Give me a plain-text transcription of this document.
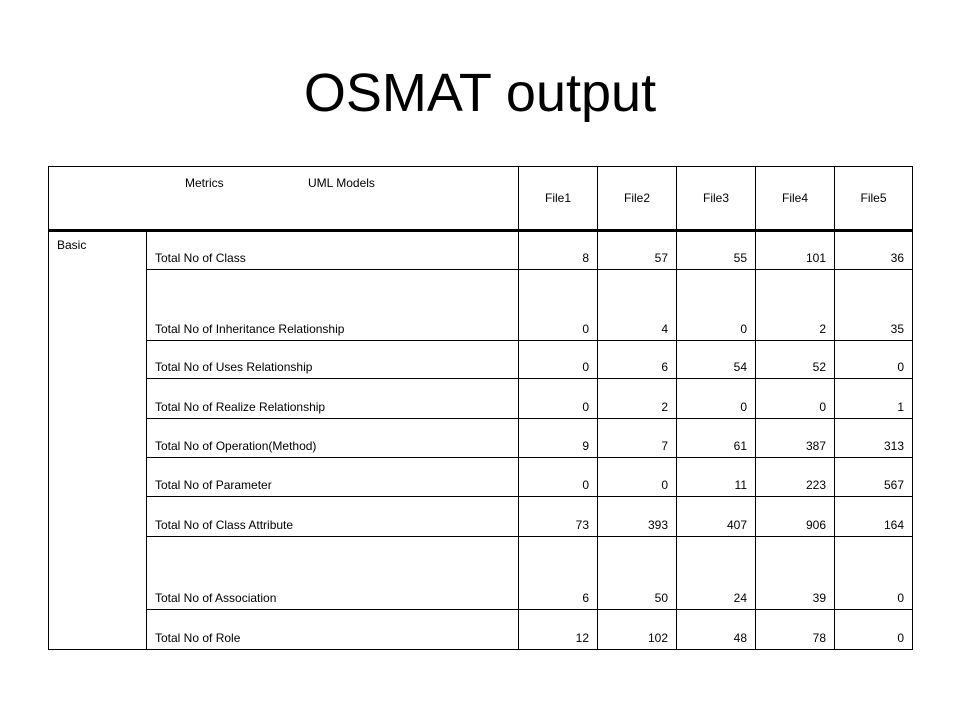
OSMAT output
Metrics UML Models		File1	File2	File3	File4	File5
Basic	Total No of Class	8	57	55	101	36
	Total No of Inheritance Relationship	0	4	0	2	35
	Total No of Uses Relationship	0	6	54	52	0
	Total No of Realize Relationship	0	2	0	0	1
	Total No of Operation(Method)	9	7	61	387	313
	Total No of Parameter	0	0	11	223	567
	Total No of Class Attribute	73	393	407	906	164
	Total No of Association	6	50	24	39	0
	Total No of Role	12	102	48	78	0
